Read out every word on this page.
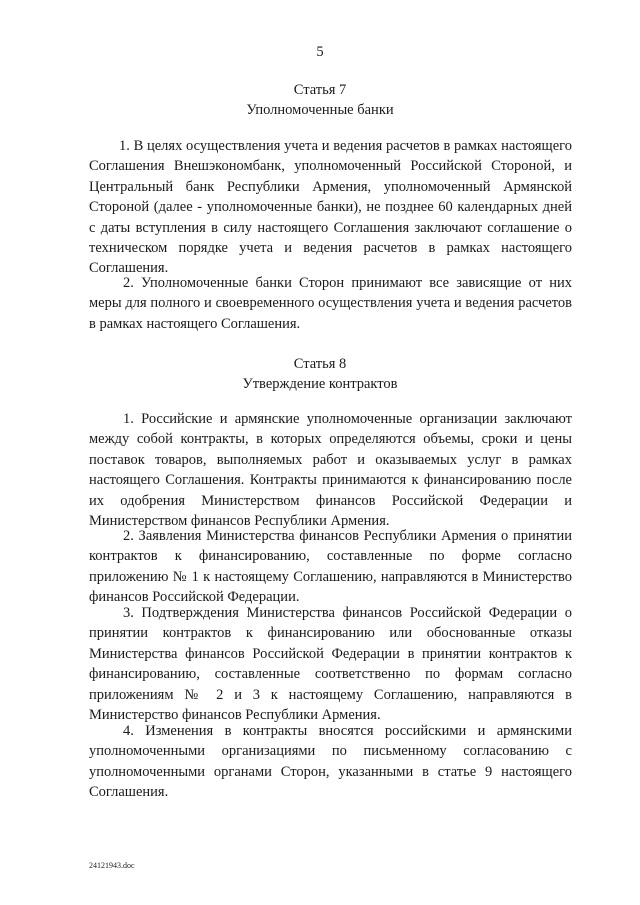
5
Статья 7
Уполномоченные банки

1. В целях осуществления учета и ведения расчетов в рамках настоящего Соглашения Внешэкономбанк, уполномоченный Российской Стороной, и Центральный банк Республики Армения, уполномоченный Армянской Стороной (далее - уполномоченные банки), не позднее 60 календарных дней с даты вступления в силу настоящего Соглашения заключают соглашение о техническом порядке учета и ведения расчетов в рамках настоящего Соглашения.

2. Уполномоченные банки Сторон принимают все зависящие от них меры для полного и своевременного осуществления учета и ведения расчетов в рамках настоящего Соглашения.

Статья 8
Утверждение контрактов

1. Российские и армянские уполномоченные организации заключают между собой контракты, в которых определяются объемы, сроки и цены поставок товаров, выполняемых работ и оказываемых услуг в рамках настоящего Соглашения. Контракты принимаются к финансированию после их одобрения Министерством финансов Российской Федерации и Министерством финансов Республики Армения.

2. Заявления Министерства финансов Республики Армения о принятии контрактов к финансированию, составленные по форме согласно приложению № 1 к настоящему Соглашению, направляются в Министерство финансов Российской Федерации.

3. Подтверждения Министерства финансов Российской Федерации о принятии контрактов к финансированию или обоснованные отказы Министерства финансов Российской Федерации в принятии контрактов к финансированию, составленные соответственно по формам согласно приложениям № 2 и 3 к настоящему Соглашению, направляются в Министерство финансов Республики Армения.

4. Изменения в контракты вносятся российскими и армянскими уполномоченными организациями по письменному согласованию с уполномоченными органами Сторон, указанными в статье 9 настоящего Соглашения.

24121943.doc
